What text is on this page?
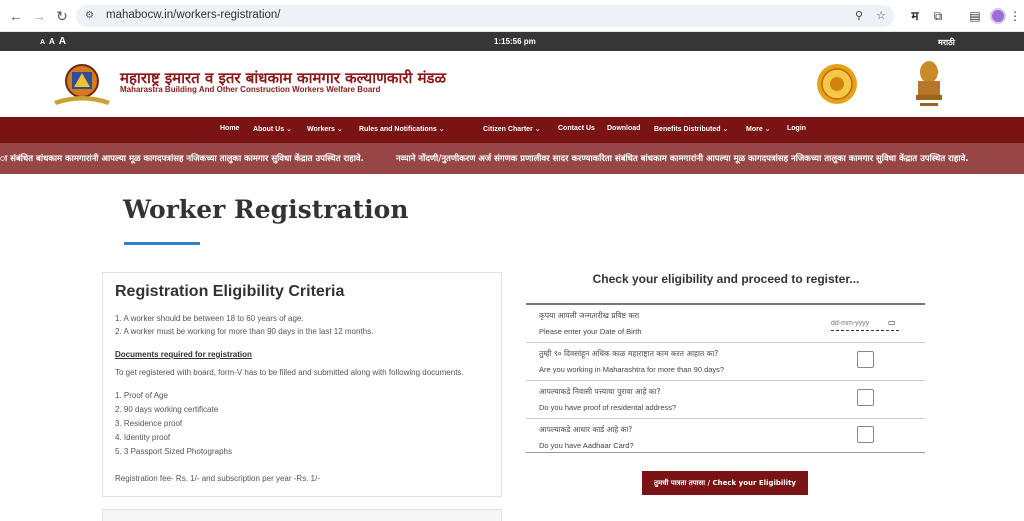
← → ↻	⚙ mahabocw.in/workers-registration/	⚲	☆	म	⧉	▤	⋮
A A A	1:15:56 pm	मराठी
महाराष्ट्र इमारत व इतर बांधकाम कामगार कल्याणकारी मंडळ
Maharastra Building And Other Construction Workers Welfare Board
Home About Us ⌄ Workers ⌄ Rules and Notifications ⌄	Citizen Charter ⌄ Contact Us Download Benefits Distributed ⌄	More ⌄ Login
ा संबंधित बांधकाम कामगारांनी आपल्या मूळ कागदपत्रांसह नजिकच्या तालुका कामगार सुविधा केंद्रात उपस्थित राहावे.	नव्याने नोंदणी/नुतणीकरण अर्ज संगणक प्रणालीवर सादर करण्याकरिता संबंधित बांधकाम कामगारांनी आपल्या मूळ कागदपत्रांसह नजिकच्या तालुका कामगार सुविधा केंद्रात उपस्थित राहावे.
Worker Registration
Registration Eligibility Criteria
1. A worker should be between 18 to 60 years of age.
2. A worker must be working for more than 90 days in the last 12 months.
Documents required for registration
To get registered with board, form-V has to be filled and submitted along with following documents.
1. Proof of Age
2. 90 days working certificate
3. Residence proof
4. Identity proof
5. 3 Passport Sized Photographs
Registration fee- Rs. 1/- and subscription per year -Rs. 1/-
Check your eligibility and proceed to register...
कृपया आपली जन्मतारीख प्रविष्ट करा
Please enter your Date of Birth
dd-mm-yyyy
▭
तुम्ही ९० दिवसांहून अधिक काळ महाराष्ट्रात काम करत आहात का?
Are you working in Maharashtra for more than 90 days?
आपल्याकडे निवासी पत्त्याचा पुरावा आहे का?
Do you have proof of residental address?
आपल्याकडे आधार कार्ड आहे का?
Do you have Aadhaar Card?
तुमची पात्रता तपासा / Check your Eligibility
